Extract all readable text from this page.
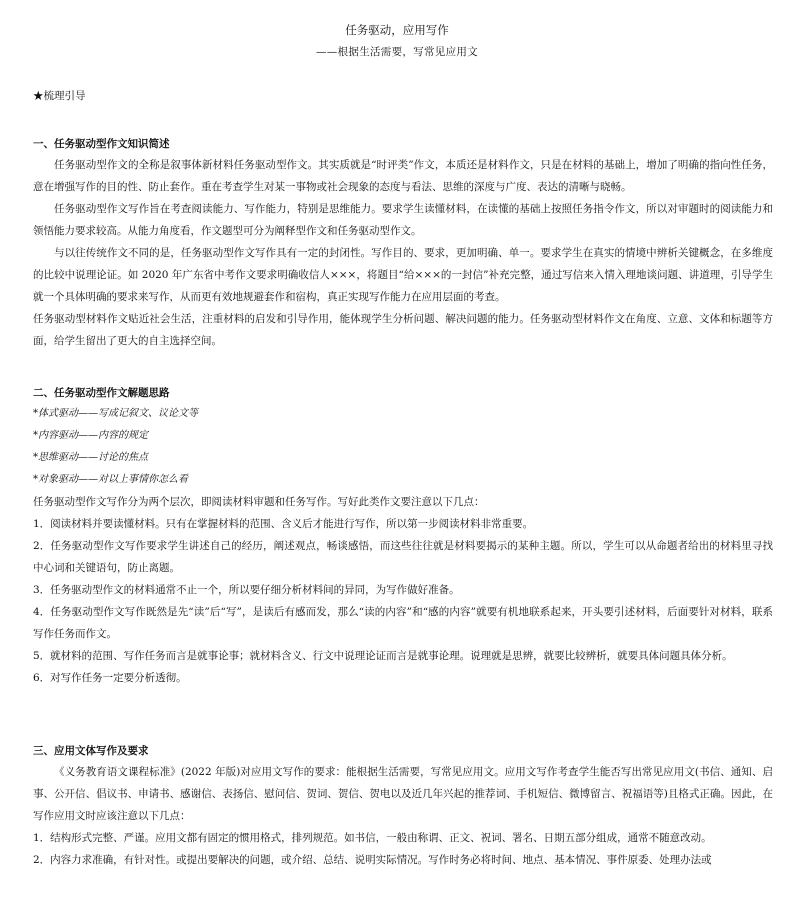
任务驱动，应用写作
——根据生活需要，写常见应用文
★梳理引导
一、任务驱动型作文知识简述
任务驱动型作文的全称是叙事体新材料任务驱动型作文。其实质就是“时评类”作文，本质还是材料作文，只是在材料的基础上，增加了明确的指向性任务，意在增强写作的目的性、防止套作。重在考查学生对某一事物或社会现象的态度与看法、思维的深度与广度、表达的清晰与晓畅。
任务驱动型作文写作旨在考查阅读能力、写作能力，特别是思维能力。要求学生读懂材料，在读懂的基础上按照任务指令作文，所以对审题时的阅读能力和领悟能力要求较高。从能力角度看，作文题型可分为阐释型作文和任务驱动型作文。
与以往传统作文不同的是，任务驱动型作文写作具有一定的封闭性。写作目的、要求，更加明确、单一。要求学生在真实的情境中辨析关键概念，在多维度的比较中说理论证。如 2020 年广东省中考作文要求明确收信人×××，将题目“给×××的一封信”补充完整，通过写信来入情入理地谈问题、讲道理，引导学生就一个具体明确的要求来写作，从而更有效地规避套作和宿构，真正实现写作能力在应用层面的考查。
任务驱动型材料作文贴近社会生活，注重材料的启发和引导作用，能体现学生分析问题、解决问题的能力。任务驱动型材料作文在角度、立意、文体和标题等方面，给学生留出了更大的自主选择空间。
二、任务驱动型作文解题思路
*体式驱动——写成记叙文、议论文等
*内容驱动——内容的规定
*思维驱动——讨论的焦点
*对象驱动——对以上事情你怎么看
任务驱动型作文写作分为两个层次，即阅读材料审题和任务写作。写好此类作文要注意以下几点：
1．阅读材料并要读懂材料。只有在掌握材料的范围、含义后才能进行写作，所以第一步阅读材料非常重要。
2．任务驱动型作文写作要求学生讲述自己的经历，阐述观点，畅谈感悟，而这些往往就是材料要揭示的某种主题。所以，学生可以从命题者给出的材料里寻找中心词和关键语句，防止离题。
3．任务驱动型作文的材料通常不止一个，所以要仔细分析材料间的异同，为写作做好准备。
4．任务驱动型作文写作既然是先“读”后“写”，是读后有感而发，那么“读的内容”和“感的内容”就要有机地联系起来，开头要引述材料，后面要针对材料，联系写作任务而作文。
5．就材料的范围、写作任务而言是就事论事；就材料含义、行文中说理论证而言是就事论理。说理就是思辨，就要比较辨析，就要具体问题具体分析。
6．对写作任务一定要分析透彻。
三、应用文体写作及要求
《义务教育语文课程标准》(2022 年版)对应用文写作的要求：能根据生活需要，写常见应用文。应用文写作考查学生能否写出常见应用文(书信、通知、启事、公开信、倡议书、申请书、感谢信、表扬信、慰问信、贺词、贺信、贺电以及近几年兴起的推荐词、手机短信、微博留言、祝福语等)且格式正确。因此，在写作应用文时应该注意以下几点：
1．结构形式完整、严谨。应用文都有固定的惯用格式，排列规范。如书信，一般由称谓、正文、祝词、署名、日期五部分组成，通常不随意改动。
2．内容力求准确，有针对性。或提出要解决的问题，或介绍、总结、说明实际情况。写作时务必将时间、地点、基本情况、事件原委、处理办法或
